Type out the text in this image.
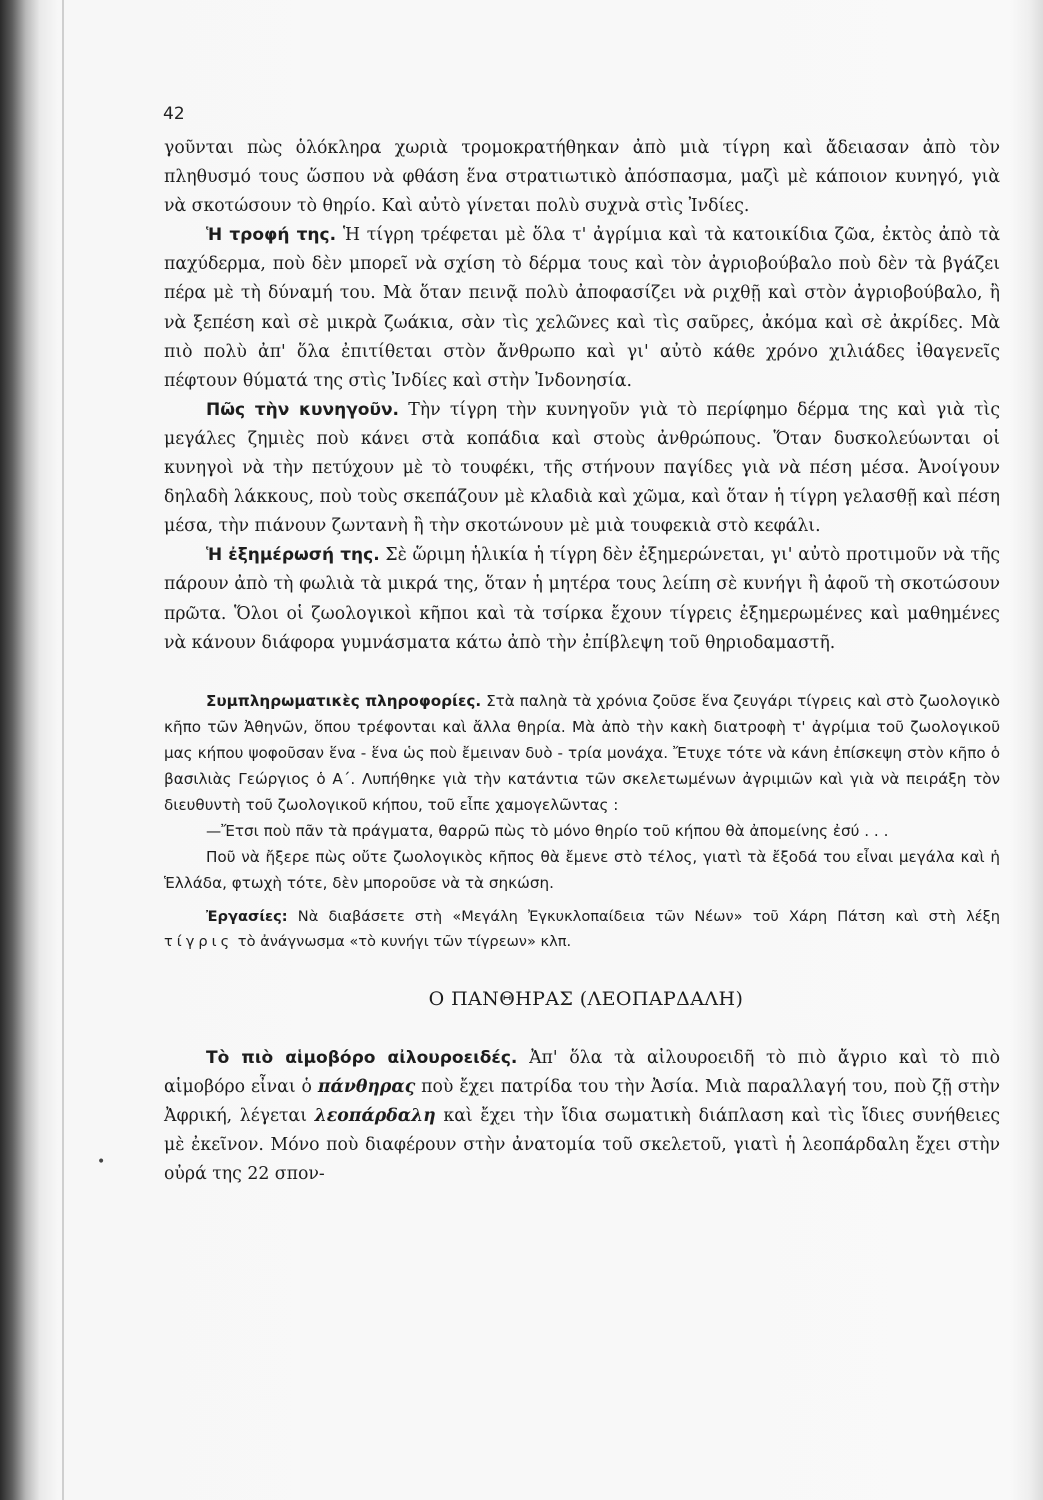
42
•

γοῦνται πὼς ὁλόκληρα χωριὰ τρομοκρατήθηκαν ἀπὸ μιὰ τίγρη καὶ ἄδειασαν ἀπὸ τὸν πληθυσμό τους ὥσπου νὰ φθάση ἕνα στρατιωτικὸ ἀπόσπασμα, μαζὶ μὲ κάποιον κυνηγό, γιὰ νὰ σκοτώσουν τὸ θηρίο. Καὶ αὐτὸ γίνεται πολὺ συχνὰ στὶς Ἰνδίες.

Ἡ τροφή της. Ἡ τίγρη τρέφεται μὲ ὅλα τ' ἀγρίμια καὶ τὰ κατοικίδια ζῶα, ἐκτὸς ἀπὸ τὰ παχύδερμα, ποὺ δὲν μπορεῖ νὰ σχίση τὸ δέρμα τους καὶ τὸν ἀγριοβούβαλο ποὺ δὲν τὰ βγάζει πέρα μὲ τὴ δύναμή του. Μὰ ὅταν πεινᾷ πολὺ ἀποφασίζει νὰ ριχθῇ καὶ στὸν ἀγριοβούβαλο, ἢ νὰ ξεπέση καὶ σὲ μικρὰ ζωάκια, σὰν τὶς χελῶνες καὶ τὶς σαῦρες, ἀκόμα καὶ σὲ ἀκρίδες. Μὰ πιὸ πολὺ ἀπ' ὅλα ἐπιτίθεται στὸν ἄνθρωπο καὶ γι' αὐτὸ κάθε χρόνο χιλιάδες ἰθαγενεῖς πέφτουν θύματά της στὶς Ἰνδίες καὶ στὴν Ἰνδονησία.

Πῶς τὴν κυνηγοῦν. Τὴν τίγρη τὴν κυνηγοῦν γιὰ τὸ περίφημο δέρμα της καὶ γιὰ τὶς μεγάλες ζημιὲς ποὺ κάνει στὰ κοπάδια καὶ στοὺς ἀνθρώπους. Ὅταν δυσκολεύωνται οἱ κυνηγοὶ νὰ τὴν πετύχουν μὲ τὸ τουφέκι, τῆς στήνουν παγίδες γιὰ νὰ πέση μέσα. Ἀνοίγουν δηλαδὴ λάκκους, ποὺ τοὺς σκεπάζουν μὲ κλαδιὰ καὶ χῶμα, καὶ ὅταν ἡ τίγρη γελασθῇ καὶ πέση μέσα, τὴν πιάνουν ζωντανὴ ἢ τὴν σκοτώνουν μὲ μιὰ τουφεκιὰ στὸ κεφάλι.

Ἡ ἐξημέρωσή της. Σὲ ὥριμη ἡλικία ἡ τίγρη δὲν ἐξημερώνεται, γι' αὐτὸ προτιμοῦν νὰ τῆς πάρουν ἀπὸ τὴ φωλιὰ τὰ μικρά της, ὅταν ἡ μητέρα τους λείπη σὲ κυνήγι ἢ ἀφοῦ τὴ σκοτώσουν πρῶτα. Ὅλοι οἱ ζωολογικοὶ κῆποι καὶ τὰ τσίρκα ἔχουν τίγρεις ἐξημερωμένες καὶ μαθημένες νὰ κάνουν διάφορα γυμνάσματα κάτω ἀπὸ τὴν ἐπίβλεψη τοῦ θηριοδαμαστῆ.

Συμπληρωματικὲς πληροφορίες. Στὰ παληὰ τὰ χρόνια ζοῦσε ἕνα ζευγάρι τίγρεις καὶ στὸ ζωολογικὸ κῆπο τῶν Ἀθηνῶν, ὅπου τρέφονται καὶ ἄλλα θηρία. Μὰ ἀπὸ τὴν κακὴ διατροφὴ τ' ἀγρίμια τοῦ ζωολογικοῦ μας κήπου ψοφοῦσαν ἕνα - ἕνα ὡς ποὺ ἔμειναν δυὸ - τρία μονάχα. Ἔτυχε τότε νὰ κάνη ἐπίσκεψη στὸν κῆπο ὁ βασιλιὰς Γεώργιος ὁ Α΄. Λυπήθηκε γιὰ τὴν κατάντια τῶν σκελετωμένων ἀγριμιῶν καὶ γιὰ νὰ πειράξη τὸν διευθυντὴ τοῦ ζωολογικοῦ κήπου, τοῦ εἶπε χαμογελῶντας :

—Ἔτσι ποὺ πᾶν τὰ πράγματα, θαρρῶ πὼς τὸ μόνο θηρίο τοῦ κήπου θὰ ἀπομείνης ἐσύ . . .

Ποῦ νὰ ἤξερε πὼς οὔτε ζωολογικὸς κῆπος θὰ ἔμενε στὸ τέλος, γιατὶ τὰ ἔξοδά του εἶναι μεγάλα καὶ ἡ Ἑλλάδα, φτωχὴ τότε, δὲν μποροῦσε νὰ τὰ σηκώση.

Ἐργασίες: Νὰ διαβάσετε στὴ «Μεγάλη Ἐγκυκλοπαίδεια τῶν Νέων» τοῦ Χάρη Πάτση καὶ στὴ λέξη τίγρις τὸ ἀνάγνωσμα «τὸ κυνήγι τῶν τίγρεων» κλπ.

Ο ΠΑΝΘΗΡΑΣ (ΛΕΟΠΑΡΔΑΛΗ)

Τὸ πιὸ αἱμοβόρο αἰλουροειδές. Ἀπ' ὅλα τὰ αἰλουροειδῆ τὸ πιὸ ἄγριο καὶ τὸ πιὸ αἱμοβόρο εἶναι ὁ πάνθηρας ποὺ ἔχει πατρίδα του τὴν Ἀσία. Μιὰ παραλλαγή του, ποὺ ζῇ στὴν Ἀφρική, λέγεται λεοπάρδαλη καὶ ἔχει τὴν ἴδια σωματικὴ διάπλαση καὶ τὶς ἴδιες συνήθειες μὲ ἐκεῖνον. Μόνο ποὺ διαφέρουν στὴν ἀνατομία τοῦ σκελετοῦ, γιατὶ ἡ λεοπάρδαλη ἔχει στὴν οὐρά της 22 σπον-
